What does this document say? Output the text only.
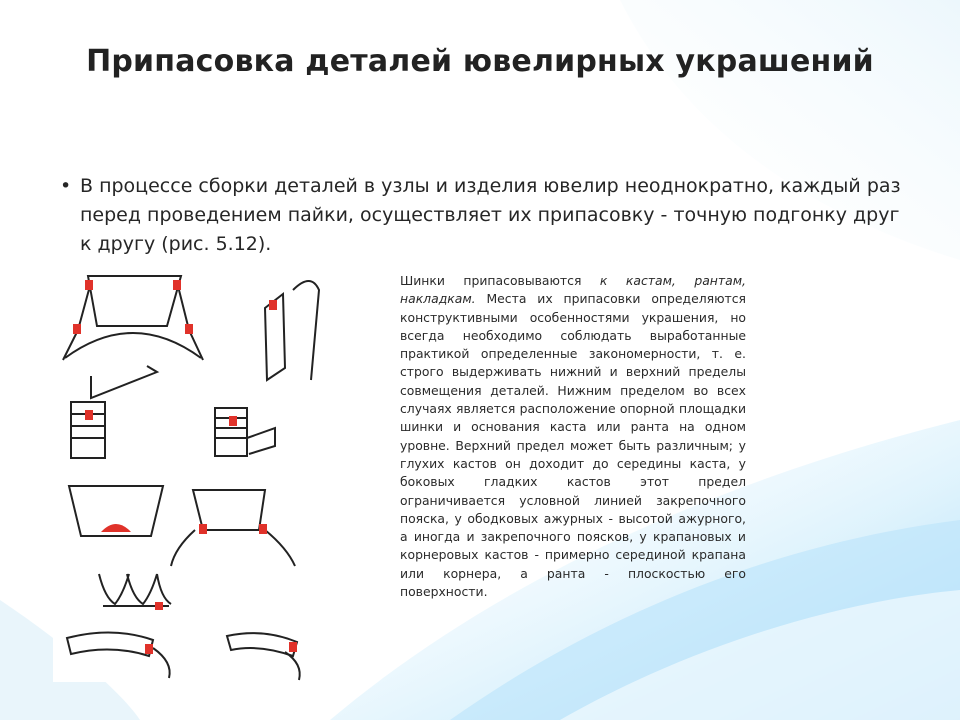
Припасовка деталей ювелирных украшений
• В процессе сборки деталей в узлы и изделия ювелир неоднократно, каждый раз перед проведением пайки, осуществляет их припасовку - точную подгонку друг к другу (рис. 5.12).
Шинки припасовываются к кастам, рантам, накладкам. Места их припасовки определяются конструктивными особенностями украшения, но всегда необходимо соблюдать выработанные практикой определенные закономерности, т. е. строго выдерживать нижний и верхний пределы совмещения деталей. Нижним пределом во всех случаях является расположение опорной площадки шинки и основания каста или ранта на одном уровне. Верхний предел может быть различным; у глухих кастов он доходит до середины каста, у боковых гладких кастов этот предел ограничивается условной линией закрепочного пояска, у ободковых ажурных - высотой ажурного, а иногда и закрепочного поясков, у крапановых и корнеровых кастов - примерно серединой крапана или корнера, а ранта - плоскостью его поверхности.
